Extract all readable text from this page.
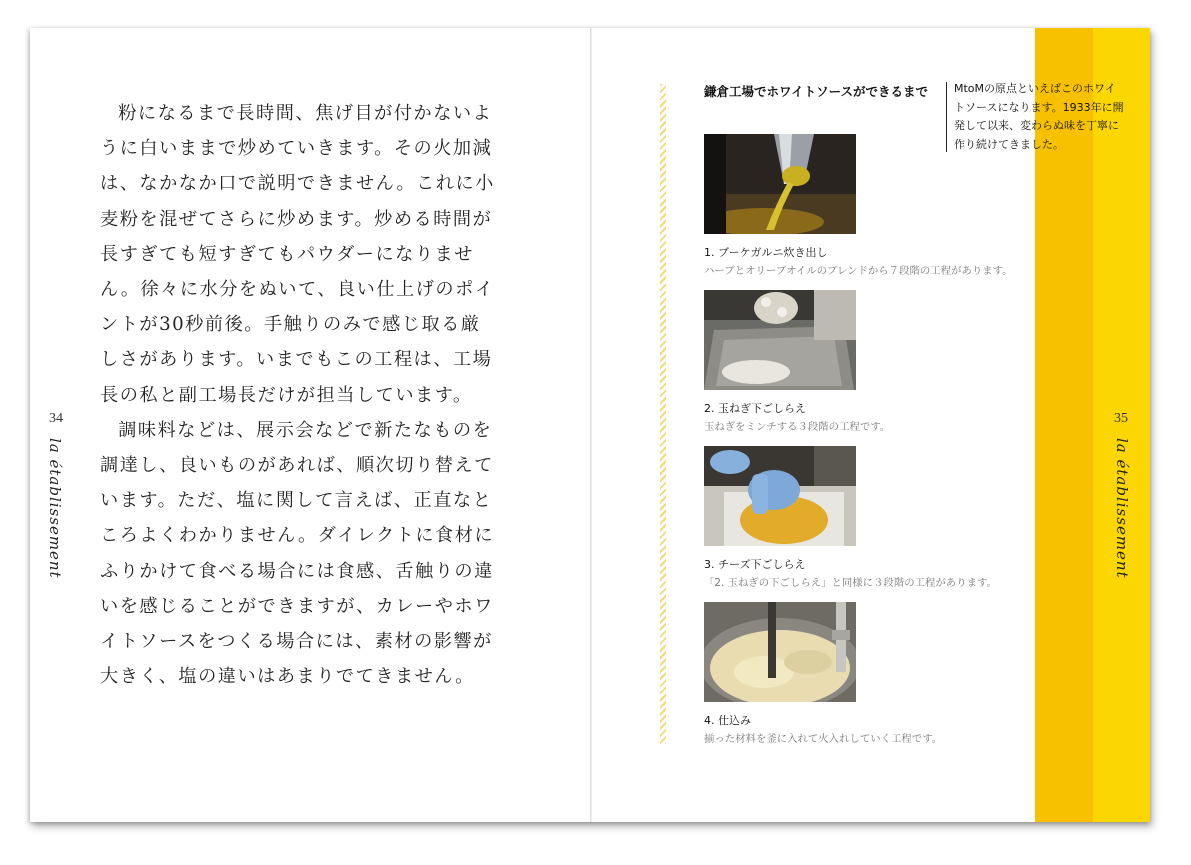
34
la établissement

粉になるまで長時間、焦げ目が付かないように白いままで炒めていきます。その火加減は、なかなか口で説明できません。これに小麦粉を混ぜてさらに炒めます。炒める時間が長すぎても短すぎてもパウダーになりません。徐々に水分をぬいて、良い仕上げのポイントが30秒前後。手触りのみで感じ取る厳しさがあります。いまでもこの工程は、工場長の私と副工場長だけが担当しています。

調味料などは、展示会などで新たなものを調達し、良いものがあれば、順次切り替えています。ただ、塩に関して言えば、正直なところよくわかりません。ダイレクトに食材にふりかけて食べる場合には食感、舌触りの違いを感じることができますが、カレーやホワイトソースをつくる場合には、素材の影響が大きく、塩の違いはあまりでてきません。

鎌倉工場でホワイトソースができるまで MtoMの原点といえばこのホワイトソースになります。1933年に開発して以来、変わらぬ味を丁寧に作り続けてきました。
35
la établissement
1. ブーケガルニ炊き出し
ハーブとオリーブオイルのブレンドから７段階の工程があります。
2. 玉ねぎ下ごしらえ
玉ねぎをミンチする３段階の工程です。
3. チーズ下ごしらえ
「2. 玉ねぎの下ごしらえ」と同様に３段階の工程があります。
4. 仕込み
揃った材料を釜に入れて火入れしていく工程です。
